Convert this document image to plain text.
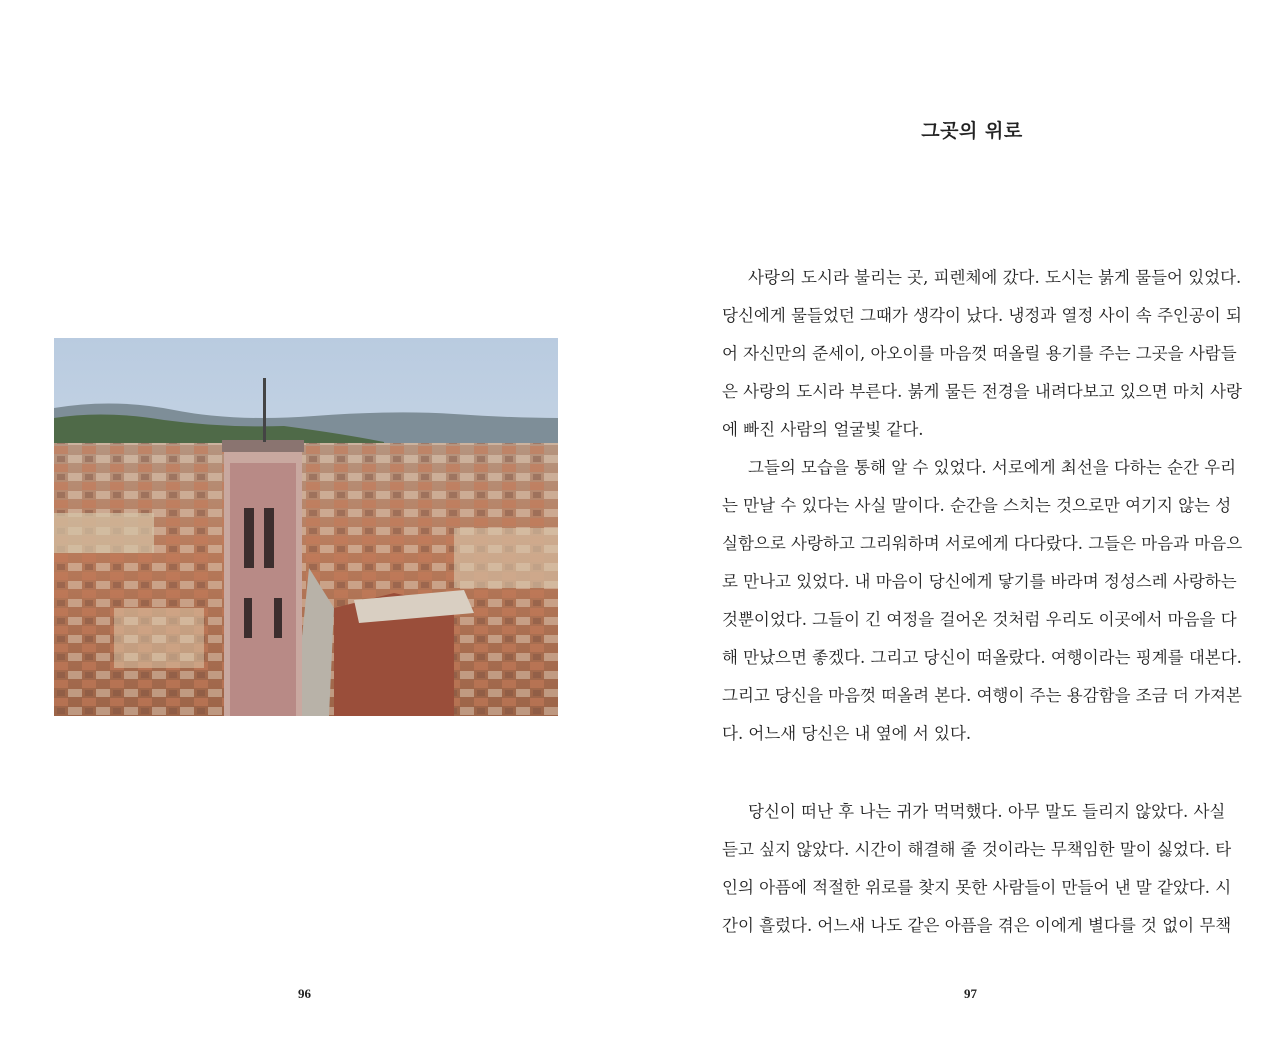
96
그곳의 위로
사랑의 도시라 불리는 곳, 피렌체에 갔다. 도시는 붉게 물들어 있었다.
당신에게 물들었던 그때가 생각이 났다. 냉정과 열정 사이 속 주인공이 되
어 자신만의 준세이, 아오이를 마음껏 떠올릴 용기를 주는 그곳을 사람들
은 사랑의 도시라 부른다. 붉게 물든 전경을 내려다보고 있으면 마치 사랑
에 빠진 사람의 얼굴빛 같다.
그들의 모습을 통해 알 수 있었다. 서로에게 최선을 다하는 순간 우리
는 만날 수 있다는 사실 말이다. 순간을 스치는 것으로만 여기지 않는 성
실함으로 사랑하고 그리워하며 서로에게 다다랐다. 그들은 마음과 마음으
로 만나고 있었다. 내 마음이 당신에게 닿기를 바라며 정성스레 사랑하는
것뿐이었다. 그들이 긴 여정을 걸어온 것처럼 우리도 이곳에서 마음을 다
해 만났으면 좋겠다. 그리고 당신이 떠올랐다. 여행이라는 핑계를 대본다.
그리고 당신을 마음껏 떠올려 본다. 여행이 주는 용감함을 조금 더 가져본
다. 어느새 당신은 내 옆에 서 있다.
당신이 떠난 후 나는 귀가 먹먹했다. 아무 말도 들리지 않았다. 사실
듣고 싶지 않았다. 시간이 해결해 줄 것이라는 무책임한 말이 싫었다. 타
인의 아픔에 적절한 위로를 찾지 못한 사람들이 만들어 낸 말 같았다. 시
간이 흘렀다. 어느새 나도 같은 아픔을 겪은 이에게 별다를 것 없이 무책
97
